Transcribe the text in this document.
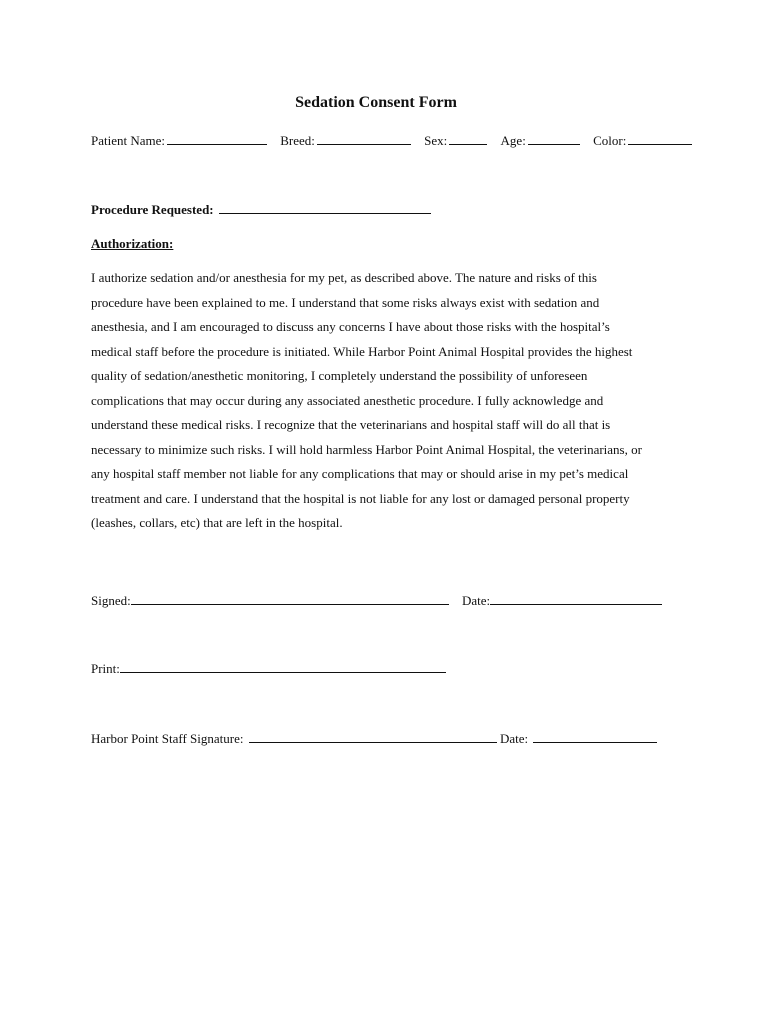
Sedation Consent Form
Patient Name:	Breed:	Sex:	Age:	Color:
Procedure Requested:
Authorization:
I authorize sedation and/or anesthesia for my pet, as described above. The nature and risks of this
procedure have been explained to me. I understand that some risks always exist with sedation and
anesthesia, and I am encouraged to discuss any concerns I have about those risks with the hospital’s
medical staff before the procedure is initiated. While Harbor Point Animal Hospital provides the highest
quality of sedation/anesthetic monitoring, I completely understand the possibility of unforeseen
complications that may occur during any associated anesthetic procedure. I fully acknowledge and
understand these medical risks. I recognize that the veterinarians and hospital staff will do all that is
necessary to minimize such risks. I will hold harmless Harbor Point Animal Hospital, the veterinarians, or
any hospital staff member not liable for any complications that may or should arise in my pet’s medical
treatment and care. I understand that the hospital is not liable for any lost or damaged personal property
(leashes, collars, etc) that are left in the hospital.
Signed:	Date:
Print:
Harbor Point Staff Signature:	Date:
